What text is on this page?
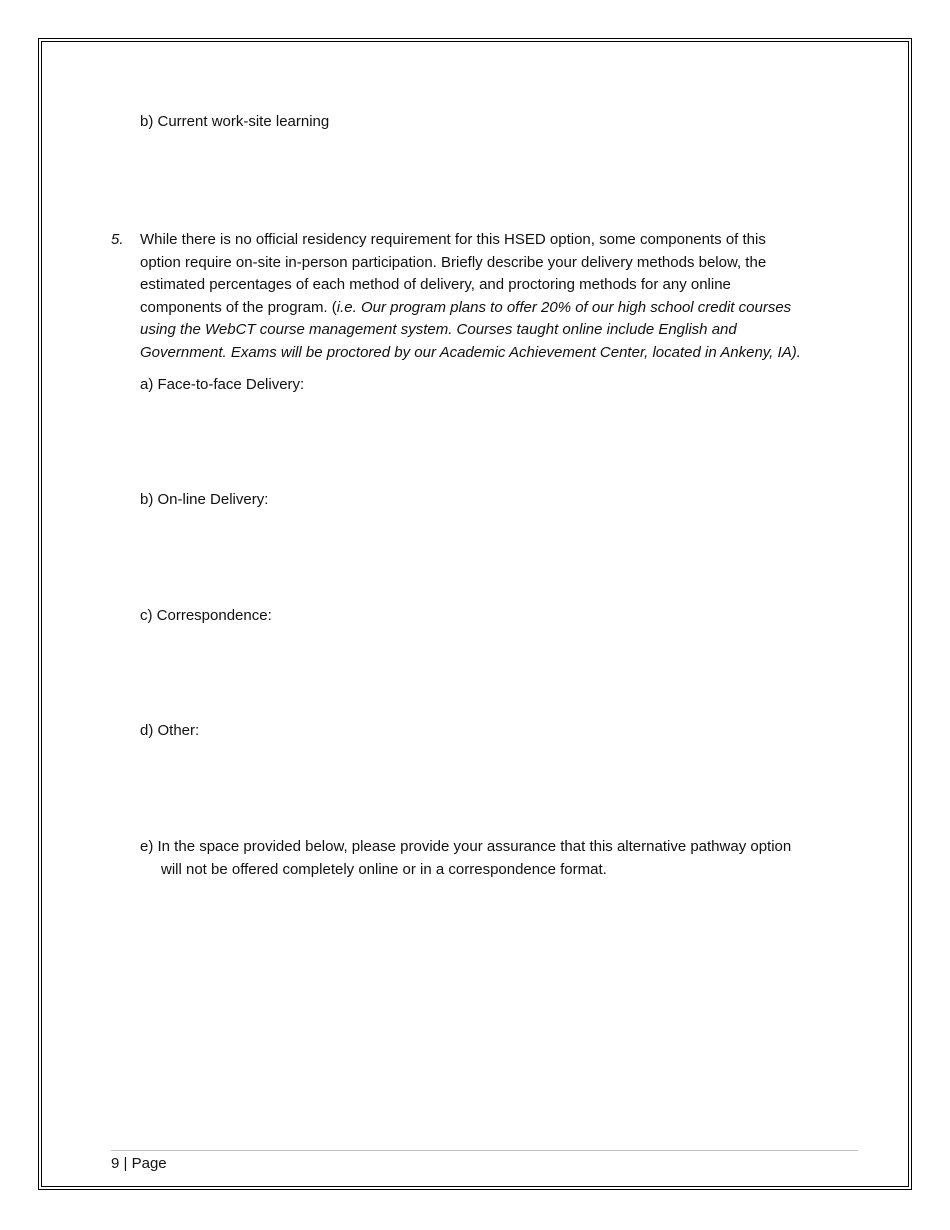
b) Current work-site learning
5. While there is no official residency requirement for this HSED option, some components of this
option require on-site in-person participation. Briefly describe your delivery methods below, the
estimated percentages of each method of delivery, and proctoring methods for any online
components of the program. (i.e. Our program plans to offer 20% of our high school credit courses
using the WebCT course management system. Courses taught online include English and
Government. Exams will be proctored by our Academic Achievement Center, located in Ankeny, IA).
a) Face-to-face Delivery:
b) On-line Delivery:
c) Correspondence:
d) Other:
e) In the space provided below, please provide your assurance that this alternative pathway option
will not be offered completely online or in a correspondence format.
9 | Page
